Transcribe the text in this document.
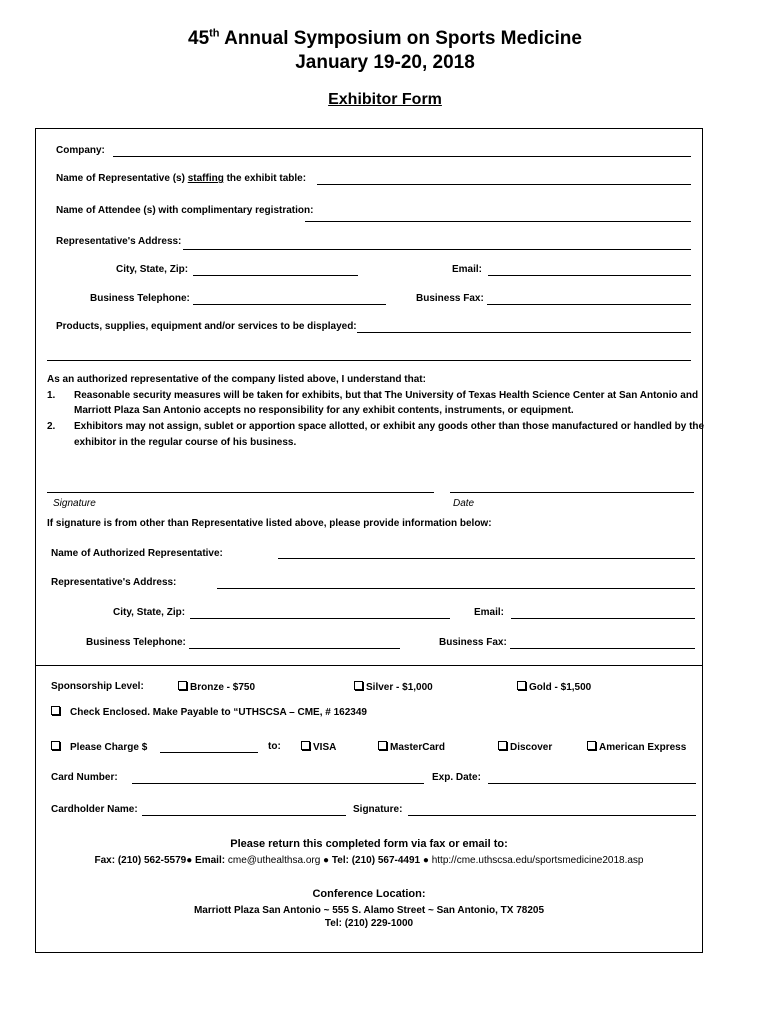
45th Annual Symposium on Sports Medicine
January 19-20, 2018
Exhibitor Form
Company:
Name of Representative (s) staffing the exhibit table:
Name of Attendee (s) with complimentary registration:
Representative's Address:
City, State, Zip:	Email:
Business Telephone:	Business Fax:
Products, supplies, equipment and/or services to be displayed:
As an authorized representative of the company listed above, I understand that:
1. Reasonable security measures will be taken for exhibits, but that The University of Texas Health Science Center at San Antonio and
Marriott Plaza San Antonio accepts no responsibility for any exhibit contents, instruments, or equipment.
2. Exhibitors may not assign, sublet or apportion space allotted, or exhibit any goods other than those manufactured or handled by the
exhibitor in the regular course of his business.
Signature	Date
If signature is from other than Representative listed above, please provide information below:
Name of Authorized Representative:
Representative's Address:
City, State, Zip:	Email:
Business Telephone:	Business Fax:
Sponsorship Level:	Bronze - $750	Silver - $1,000	Gold - $1,500
Check Enclosed. Make Payable to “UTHSCSA – CME, # 162349
Please Charge $	to:	VISA	MasterCard	Discover	American Express
Card Number:	Exp. Date:
Cardholder Name:	Signature:
Please return this completed form via fax or email to:
Fax: (210) 562-5579● Email: cme@uthealthsa.org ● Tel: (210) 567-4491 ● http://cme.uthscsa.edu/sportsmedicine2018.asp
Conference Location:
Marriott Plaza San Antonio ~ 555 S. Alamo Street ~ San Antonio, TX 78205
Tel: (210) 229-1000
